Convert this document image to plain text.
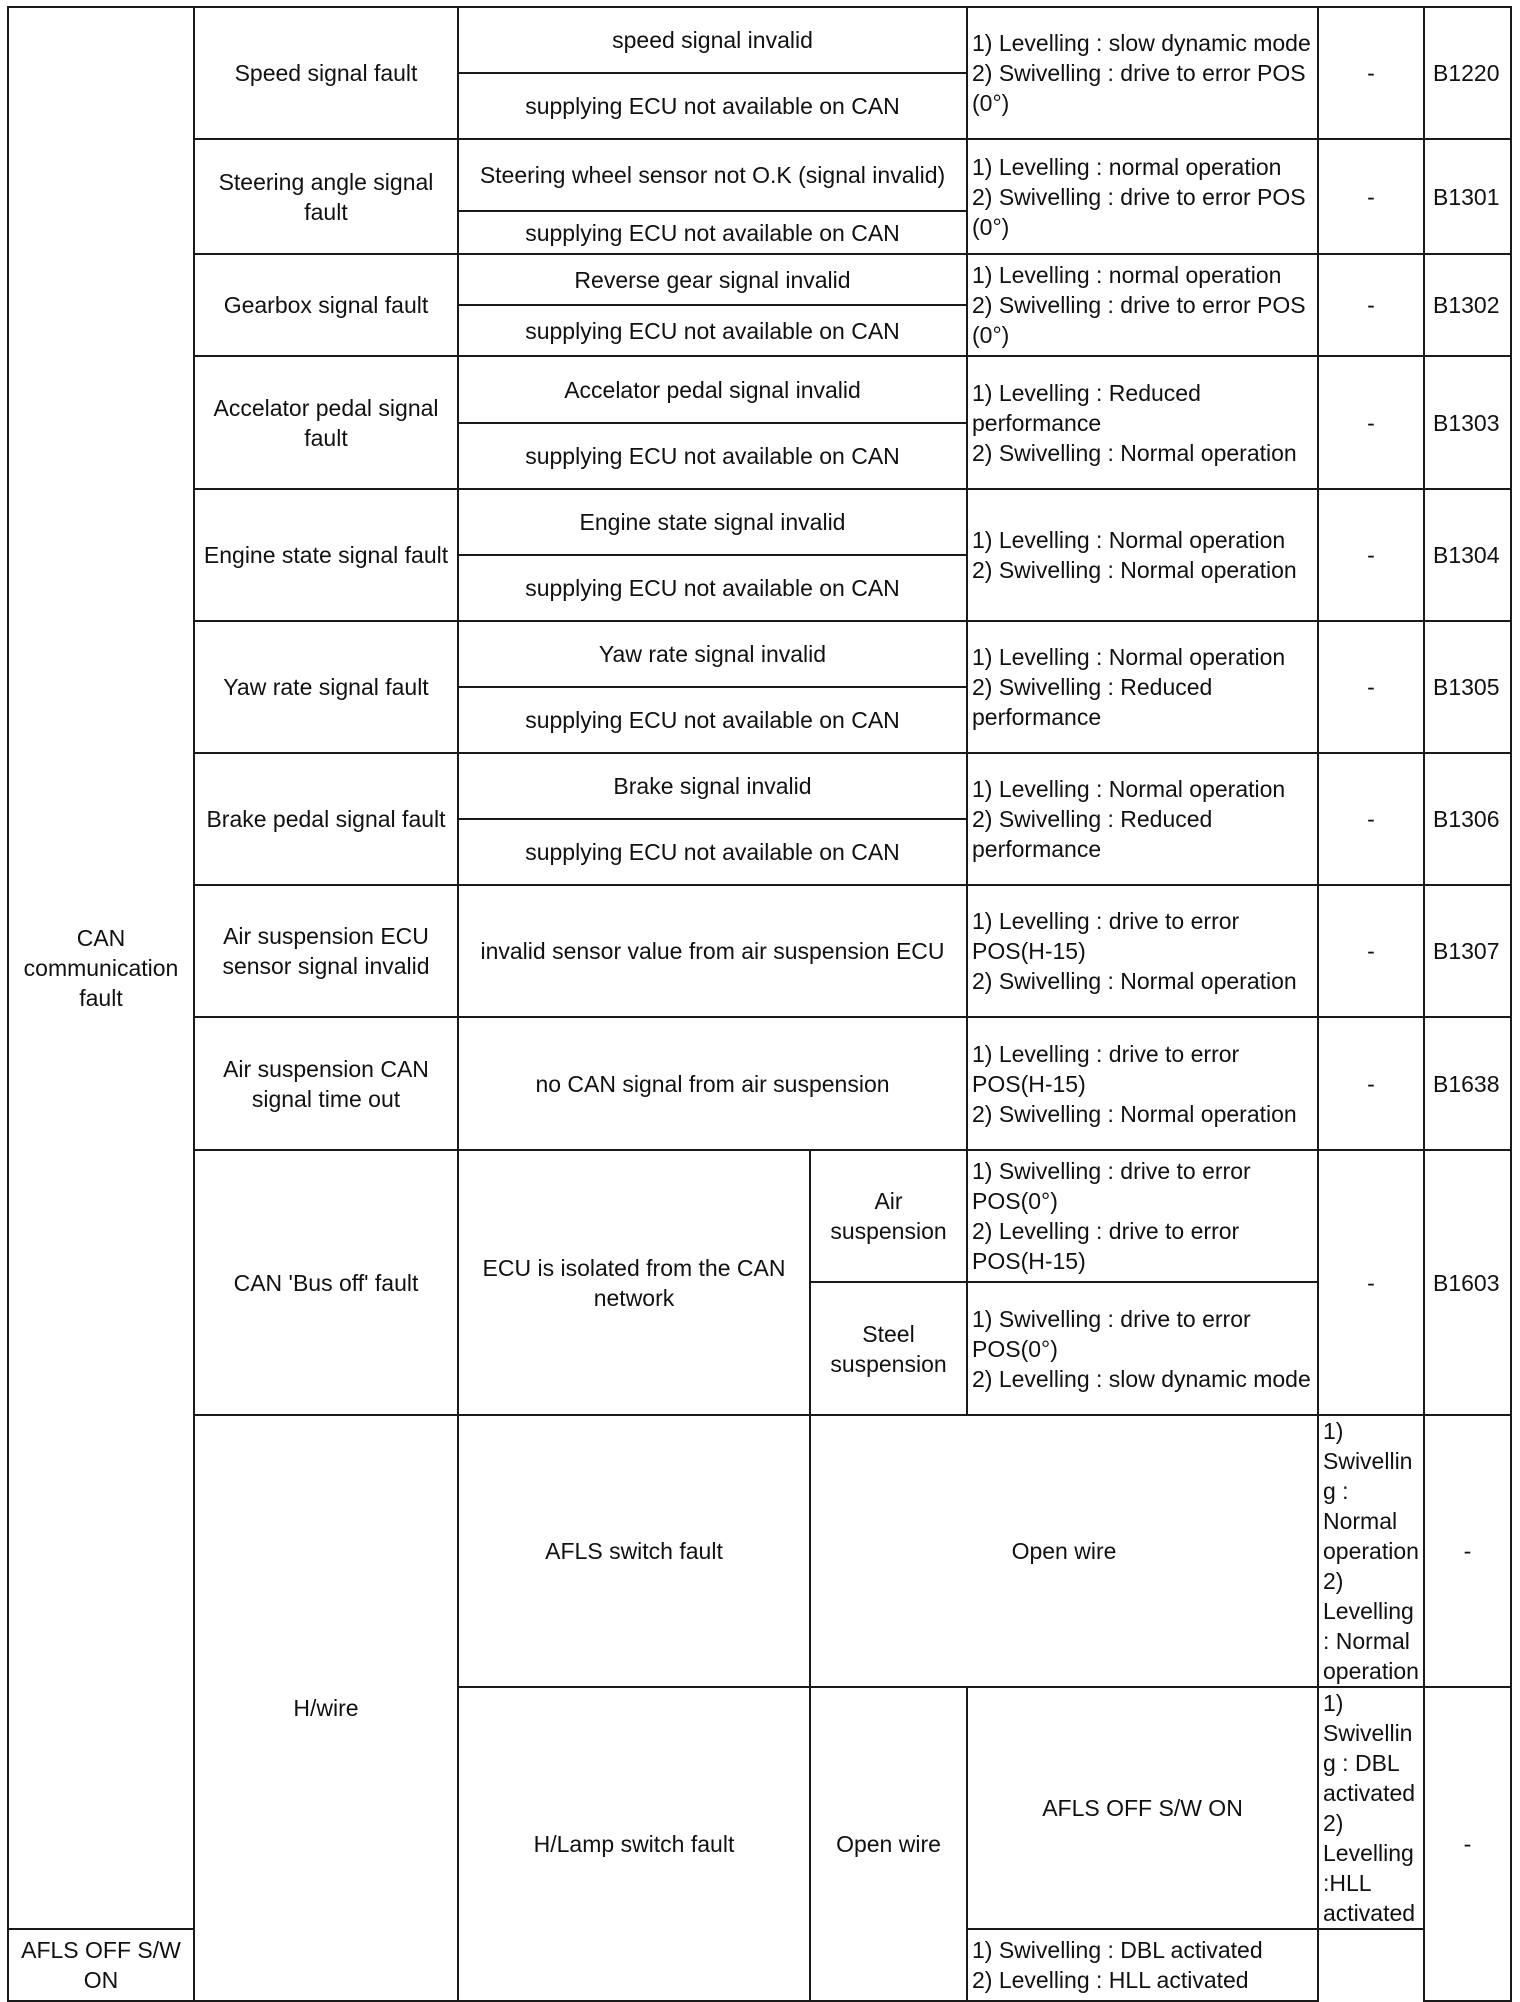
CAN communication fault	Speed signal fault	speed signal invalid		1) Levelling : slow dynamic mode
2) Swivelling : drive to error POS (0°)	-	B1220	
		supplying ECU not available on CAN					
	Steering angle signal fault	Steering wheel sensor not O.K (signal invalid)		1) Levelling : normal operation
2) Swivelling : drive to error POS (0°)	-	B1301	
		supplying ECU not available on CAN					
	Gearbox signal fault	Reverse gear signal invalid		1) Levelling : normal operation
2) Swivelling : drive to error POS (0°)	-	B1302	
		supplying ECU not available on CAN					
	Accelator pedal signal fault	Accelator pedal signal invalid		1) Levelling : Reduced performance
2) Swivelling : Normal operation	-	B1303	
		supplying ECU not available on CAN					
	Engine state signal fault	Engine state signal invalid		1) Levelling : Normal operation
2) Swivelling : Normal operation	-	B1304	
		supplying ECU not available on CAN					
	Yaw rate signal fault	Yaw rate signal invalid		1) Levelling : Normal operation
2) Swivelling : Reduced performance	-	B1305	
		supplying ECU not available on CAN					
	Brake pedal signal fault	Brake signal invalid		1) Levelling : Normal operation
2) Swivelling : Reduced performance	-	B1306	
		supplying ECU not available on CAN					
	Air suspension ECU sensor signal invalid	invalid sensor value from air suspension ECU		1) Levelling : drive to error POS(H-15)
2) Swivelling : Normal operation	-	B1307	
	Air suspension CAN signal time out	no CAN signal from air suspension		1) Levelling : drive to error POS(H-15)
2) Swivelling : Normal operation	-	B1638	
	CAN 'Bus off' fault	ECU is isolated from the CAN network	Air suspension	1) Swivelling : drive to error POS(0°)
2) Levelling : drive to error POS(H-15)	-	B1603	
			Steel suspension	1) Swivelling : drive to error POS(0°)
2) Levelling : slow dynamic mode			

	H/wire	AFLS switch fault	Open wire		1) Swivelling : Normal operation
2) Levelling : Normal operation	-	
		H/Lamp switch fault	Open wire	AFLS OFF S/W ON	1) Swivelling : DBL activated
2) Levelling :HLL activated	-	
AFLS OFF S/W ON				1) Swivelling : DBL activated
2) Levelling : HLL activated			
